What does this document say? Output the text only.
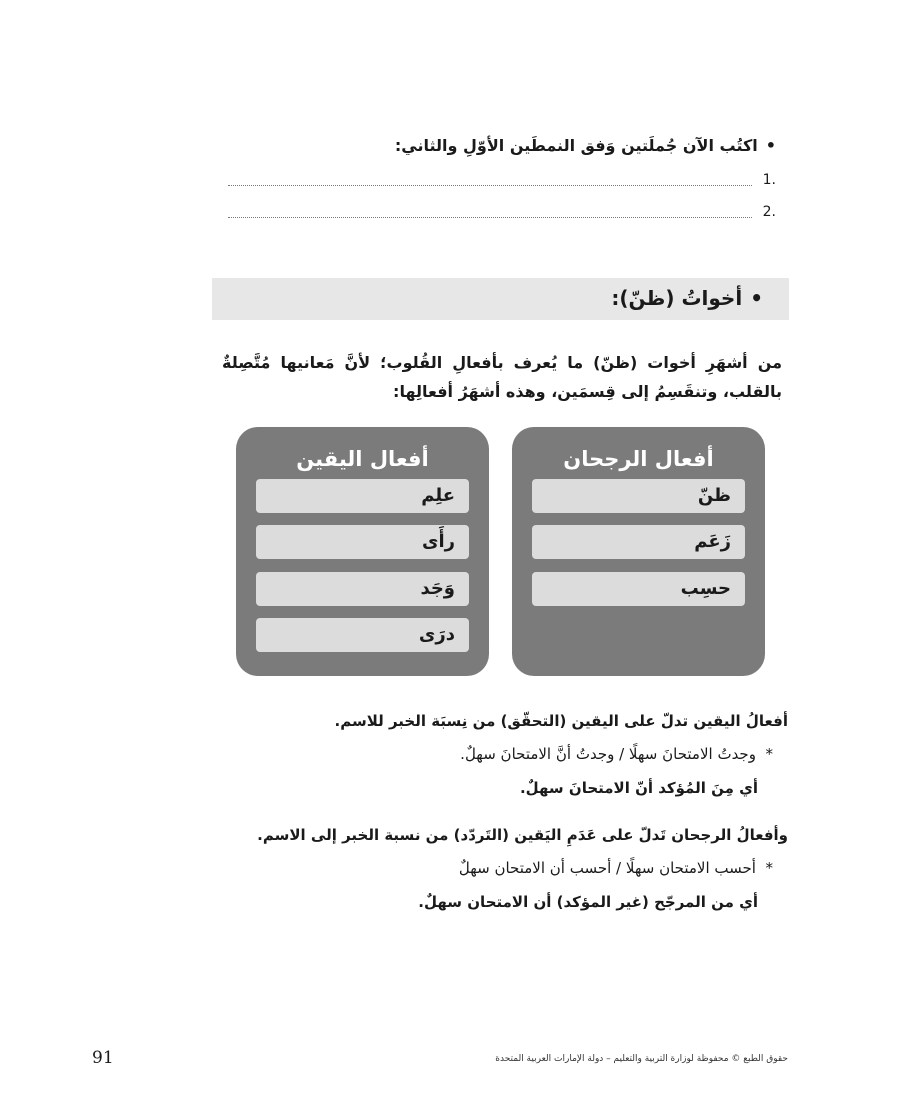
•اكتُب الآن جُملَتين وَفق النمطَين الأوّلِ والثاني:
.1
.2
•أخواتُ (ظنّ):
من أشهَرِ أخوات (ظنّ) ما يُعرف بأفعالِ القُلوب؛ لأنَّ مَعانيها مُتَّصِلةٌ بالقلب، وتنقَسِمُ إلى قِسمَين، وهذه أشهَرُ أفعالِها:
أفعال الرجحان
ظنّ
زَعَم
حسِب
أفعال اليقين
علِم
رأَى
وَجَد
درَى
أفعالُ اليقين تدلّ على اليقين (التحقّق) من نِسبَة الخبر للاسم.
*  وجدتُ الامتحانَ سهلًا / وجدتُ أنَّ الامتحانَ سهلٌ.
أي مِنَ المُؤكد أنّ الامتحانَ سهلٌ.
وأفعالُ الرجحان تَدلّ على عَدَمِ اليَقين (التَردّد) من نسبة الخبر إلى الاسم.
*  أحسب الامتحان سهلًا / أحسب أن الامتحان سهلٌ
أي من المرجّح (غير المؤكد) أن الامتحان سهلٌ.
حقوق الطبع © محفوظة لوزارة التربية والتعليم – دولة الإمارات العربية المتحدة
91
